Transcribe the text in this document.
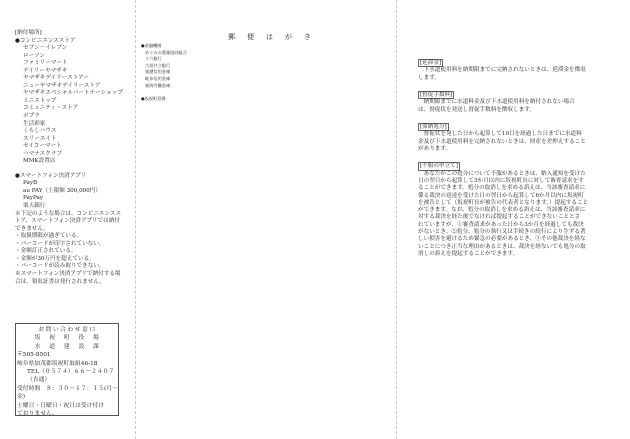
[納付場所]
●コンビニエンスストア
セブン－イレブン
ローソン
ファミリーマート
デイリーヤマザキ
ヤマザキデイリーストアー
ニューヤマザキデイリーストア
ヤマザキスペシャルパートナーショップ
ミニストップ
コミュニティ・ストア
ポプラ
生活彩家
くらしハウス
スリーエイト
セイコーマート
ハマナスクラブ
MMK設置店
●スマートフォン決済アプリ
PayB
au PAY（上限額 300,000円）
PayPay
楽天銀行
※下記のような場合は、コンビニエンスス
トア、スマートフォン決済アプリでは納付
できません。
・取扱期限が過ぎている。
・バーコードが印字されていない。
・金額訂正されている。
・金額が30万円を超えている。
・バーコードが読み取りできない。
※スマートフォン決済アプリで納付する場
合は、領収証書は発行されません。
●金融機関
めぐみの農業協同組合
十六銀行
大垣共立銀行
東濃信用金庫
岐阜信用金庫
東海労働金庫
●坂祝町役場
お問い合わせ窓口
坂　祝　町　役　場
水　道　建　設　課
〒505-8501
岐阜県加茂郡坂祝町取組46-18
TEL（０５７４）６６－２４０７（直通）
受付時間　８：３０～１７：１５(月～金)
土曜日・日曜日・祝日は受け付け
ておりません。
郵便はがき
[延滞金]
　下水道使用料を納期限までに完納されないときは、延滞金を徴収
します。
[督促手数料]
　納期限までに水道料金及び下水道使用料を納付されない場合
は、督促状を発送し督促手数料を徴収します。
[滞納処分]
　督促状を発した日から起算して10日を経過した日までに水道料
金及び下水道使用料を完納されないときは、財産を差押えすること
があります。
[不服の申立て]
　あなたがこの処分について不服があるときは、納入通知を受けた
日の翌日から起算して3か月以内に坂祝町長に対して審査請求をす
ることができます。処分の取消しを求める訴えは、当該審査請求に
係る裁決の送達を受けた日の翌日から起算して6か月以内に坂祝町
を被告として（坂祝町長が被告の代表者となります。）提起すること
ができます。なお、処分の取消しを求める訴えは、当該審査請求に
対する裁決を経た後でなければ提起することができないこととさ
れていますが、①審査請求があった日から3か月を経過しても裁決
がないとき、②処分、処分の執行又は手続きの続行により生ずる著
しい損害を避けるため緊急の必要があるとき、③その他裁決を経な
いことにつき正当な理由があるときは、裁決を経ないでも処分の取
消しの訴えを提起することができます。
